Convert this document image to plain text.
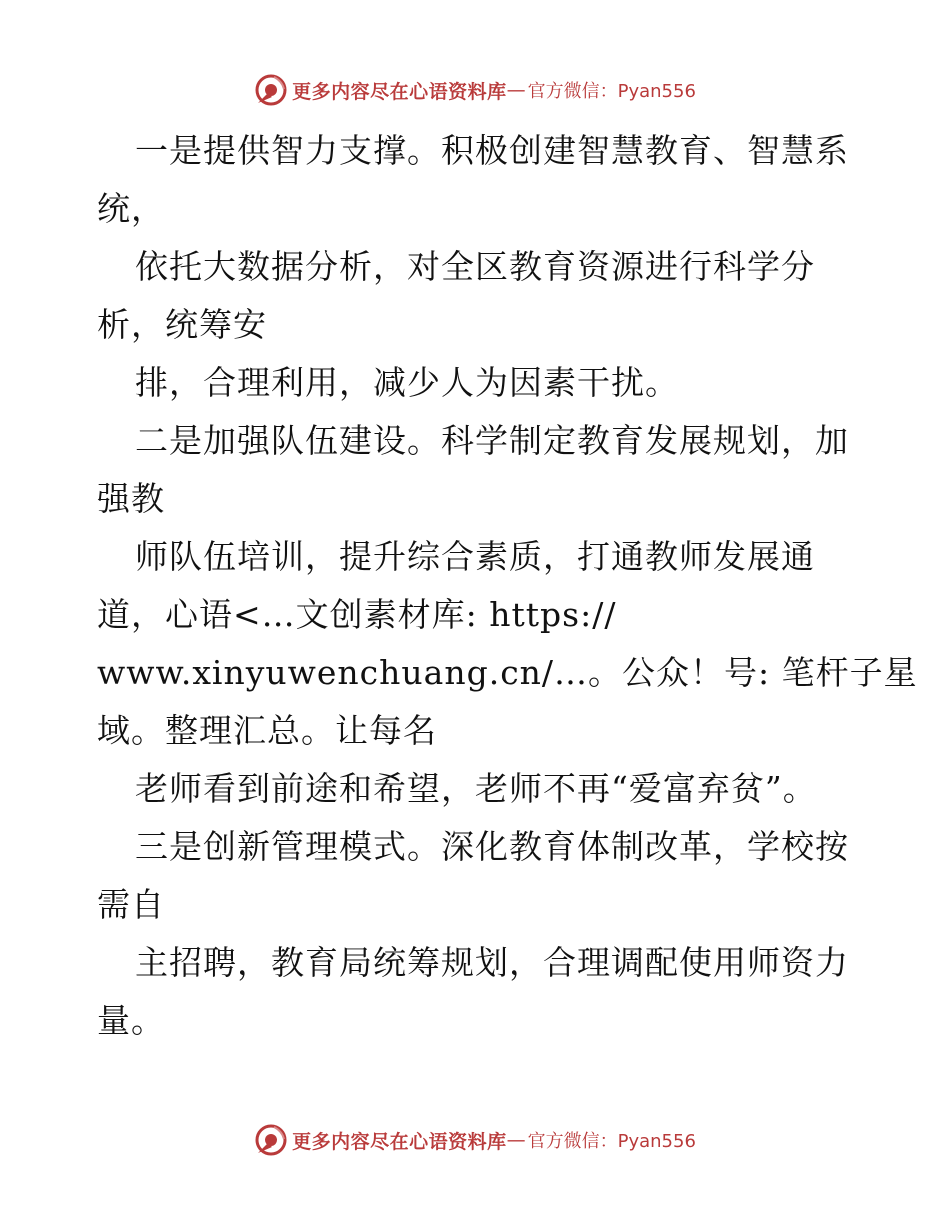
更多内容尽在心语资料库 — 官方微信：Pyan556
一是提供智力支撑。积极创建智慧教育、智慧系
统，
依托大数据分析，对全区教育资源进行科学分
析，统筹安
排，合理利用，减少人为因素干扰。
二是加强队伍建设。科学制定教育发展规划，加
强教
师队伍培训，提升综合素质，打通教师发展通
道，心语<…文创素材库: https://
www.xinyuwenchuang.cn/…。公众！号: 笔杆子星
域。整理汇总。让每名
老师看到前途和希望，老师不再“爱富弃贫”。
三是创新管理模式。深化教育体制改革，学校按
需自
主招聘，教育局统筹规划，合理调配使用师资力
量。
更多内容尽在心语资料库 — 官方微信：Pyan556
